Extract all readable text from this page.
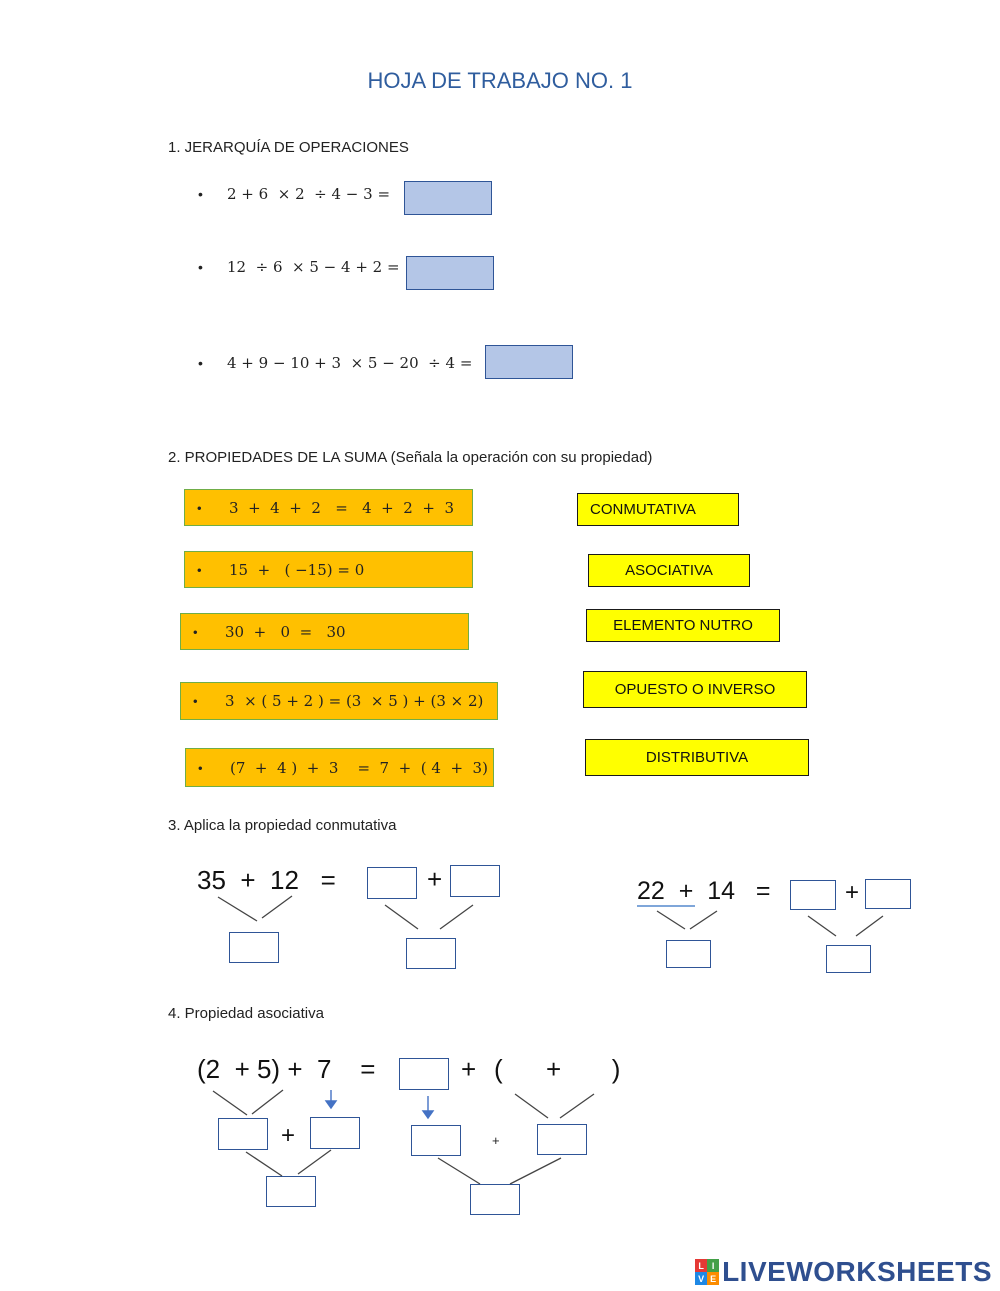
HOJA DE TRABAJO NO. 1
1. JERARQUÍA DE OPERACIONES
• 2 + 6  × 2  ÷ 4 − 3 =
• 12  ÷ 6  × 5 − 4 + 2 =
• 4 + 9 − 10 + 3  × 5 − 20  ÷ 4 =
2. PROPIEDADES DE LA SUMA (Señala la operación con su propiedad)
• 3  +  4  +  2   =   4  +  2  +  3
• 15  +   ( −15) = 0
• 30  +   0  =   30
• 3  × ( 5 + 2 ) = (3  × 5 ) + (3 × 2)
• (7  +  4 )  +  3    =  7  +  ( 4  +  3)
CONMUTATIVA
ASOCIATIVA
ELEMENTO NUTRO
OPUESTO O INVERSO
DISTRIBUTIVA
3. Aplica la propiedad conmutativa
35  +  12   =	+	22  +  14   =	+
4. Propiedad asociativa
(2  + 5) +  7    =	+ (      +       )
+	+
L I
V E LIVEWORKSHEETS
